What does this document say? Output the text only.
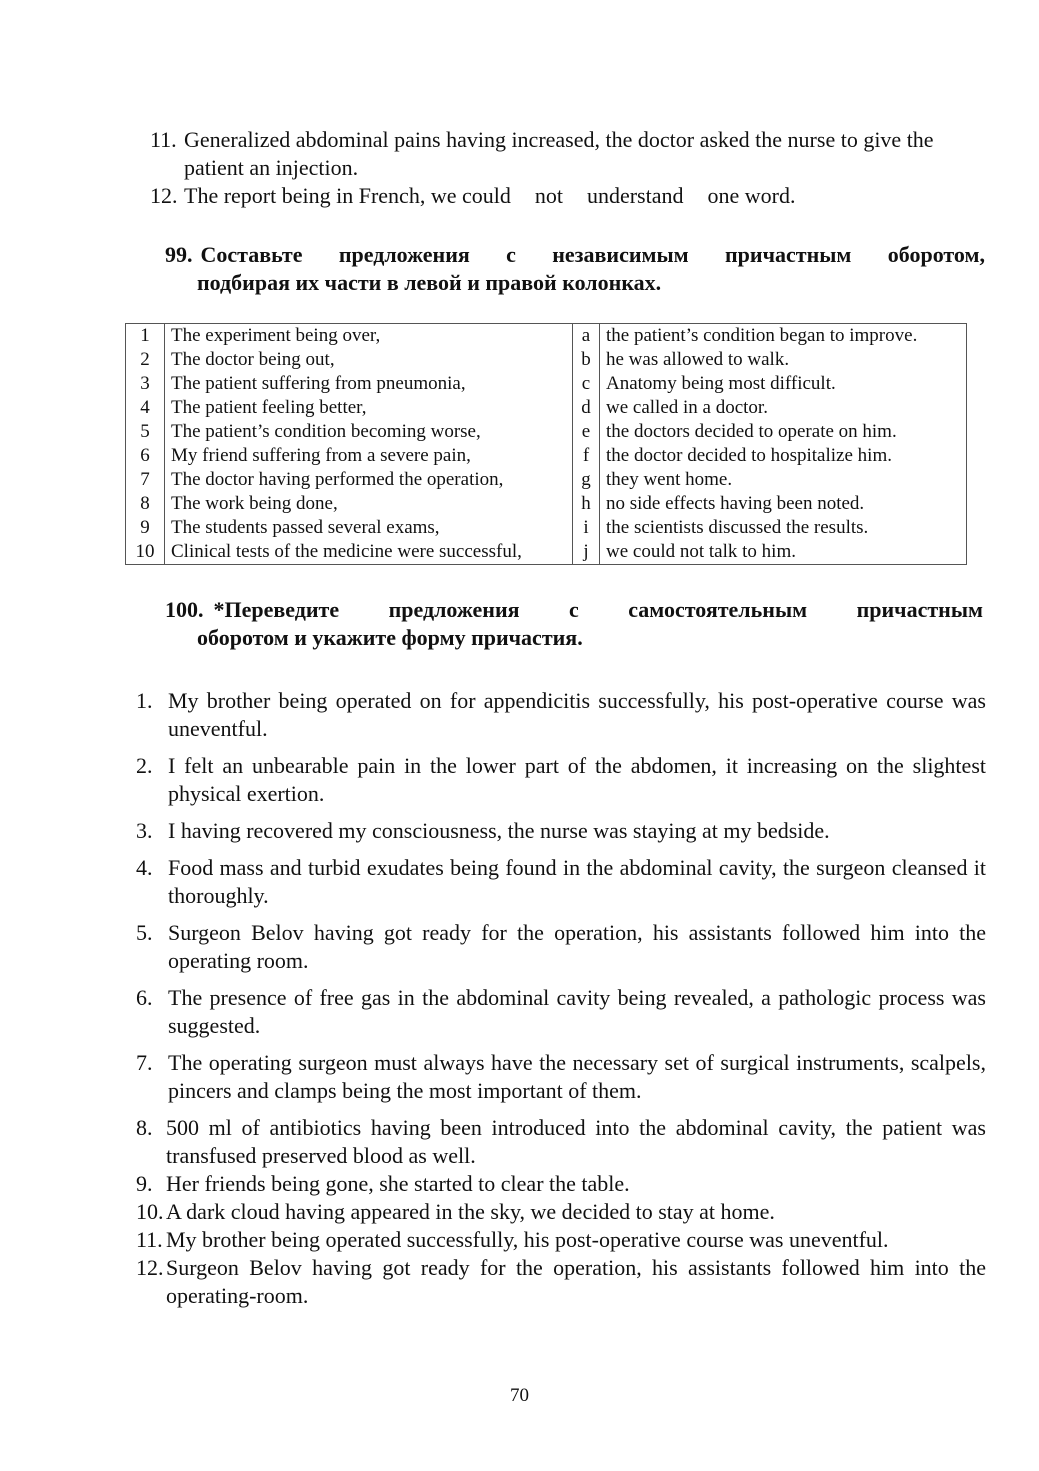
11. Generalized abdominal pains having increased, the doctor asked the nurse to give the patient an injection.
12. The report being in French, we could not understand one word.
99. Составьте предложения с независимым причастным оборотом,
подбирая их части в левой и правой колонках.
1	The experiment being over,	a	the patient’s condition began to improve.
2	The doctor being out,	b	he was allowed to walk.
3	The patient suffering from pneumonia,	c	Anatomy being most difficult.
4	The patient feeling better,	d	we called in a doctor.
5	The patient’s condition becoming worse,	e	the doctors decided to operate on him.
6	My friend suffering from a severe pain,	f	the doctor decided to hospitalize him.
7	The doctor having performed the operation,	g	they went home.
8	The work being done,	h	no side effects having been noted.
9	The students passed several exams,	i	the scientists discussed the results.
10	Clinical tests of the medicine were successful,	j	we could not talk to him.
100. *Переведите предложения с самостоятельным причастным
оборотом и укажите форму причастия.
1. My brother being operated on for appendicitis successfully, his post-operative course was uneventful.
2. I felt an unbearable pain in the lower part of the abdomen, it increasing on the slightest physical exertion.
3. I having recovered my consciousness, the nurse was staying at my bedside.
4. Food mass and turbid exudates being found in the abdominal cavity, the surgeon cleansed it thoroughly.
5. Surgeon Belov having got ready for the operation, his assistants followed him into the operating room.
6. The presence of free gas in the abdominal cavity being revealed, a pathologic process was suggested.
7. The operating surgeon must always have the necessary set of surgical instruments, scalpels, pincers and clamps being the most important of them.
8. 500 ml of antibiotics having been introduced into the abdominal cavity, the patient was transfused preserved blood as well.
9. Her friends being gone, she started to clear the table.
10. A dark cloud having appeared in the sky, we decided to stay at home.
11. My brother being operated successfully, his post-operative course was uneventful.
12. Surgeon Belov having got ready for the operation, his assistants followed him into the operating-room.
70
